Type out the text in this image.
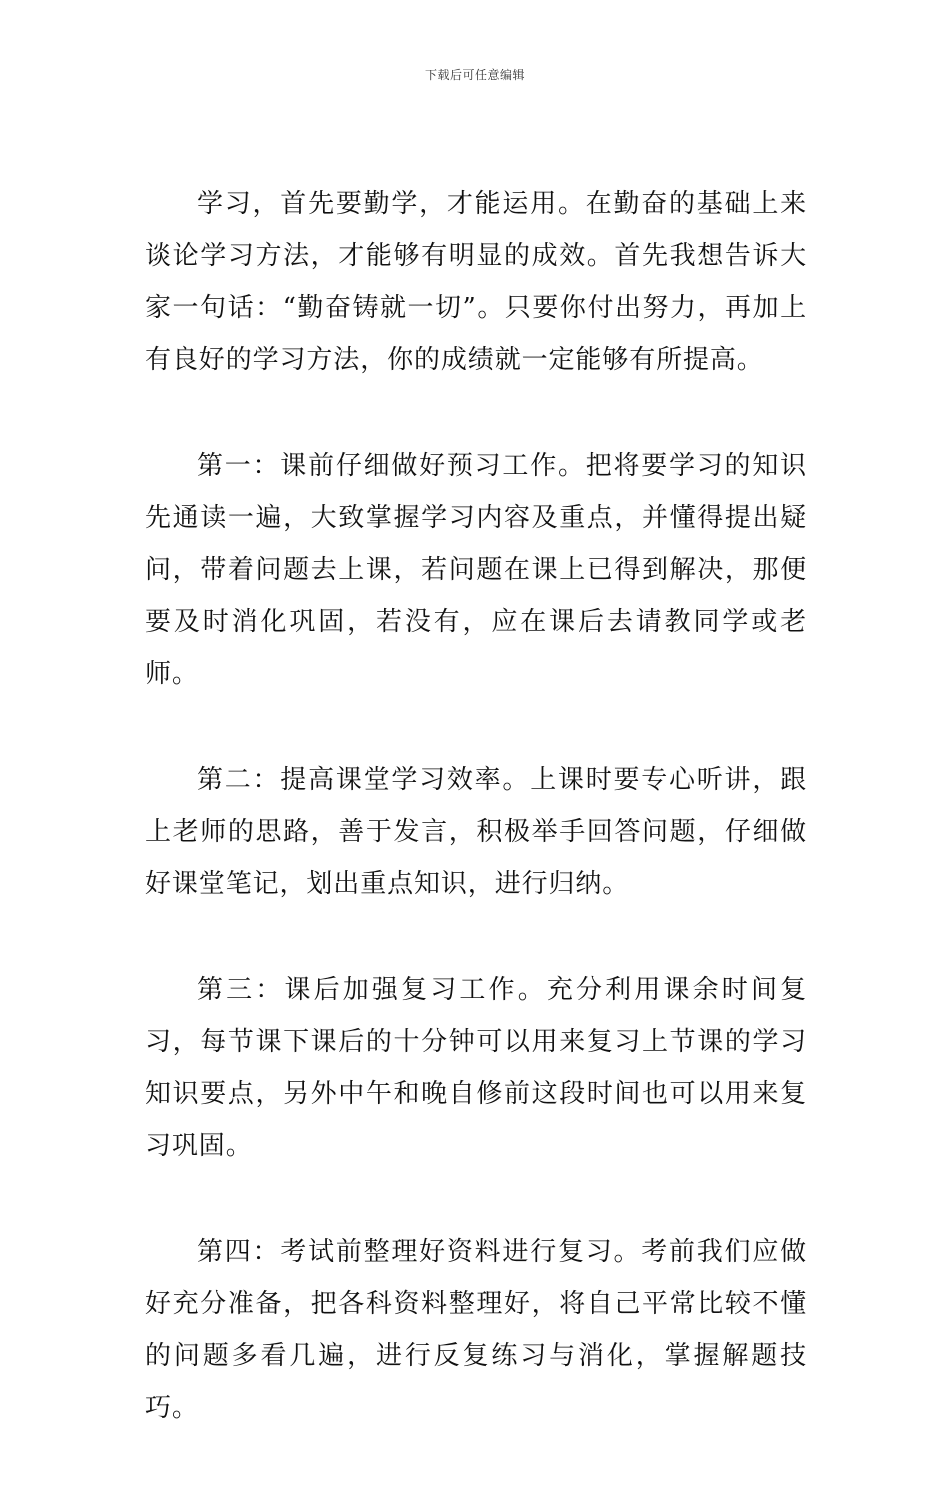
下载后可任意编辑

学习，首先要勤学，才能运用。在勤奋的基础上来谈论学习方法，才能够有明显的成效。首先我想告诉大家一句话：“勤奋铸就一切”。只要你付出努力，再加上有良好的学习方法，你的成绩就一定能够有所提高。

第一：课前仔细做好预习工作。把将要学习的知识先通读一遍，大致掌握学习内容及重点，并懂得提出疑问，带着问题去上课，若问题在课上已得到解决，那便要及时消化巩固，若没有，应在课后去请教同学或老师。

第二：提高课堂学习效率。上课时要专心听讲，跟上老师的思路，善于发言，积极举手回答问题，仔细做好课堂笔记，划出重点知识，进行归纳。

第三：课后加强复习工作。充分利用课余时间复习，每节课下课后的十分钟可以用来复习上节课的学习知识要点，另外中午和晚自修前这段时间也可以用来复习巩固。

第四：考试前整理好资料进行复习。考前我们应做好充分准备，把各科资料整理好，将自己平常比较不懂的问题多看几遍，进行反复练习与消化，掌握解题技巧。
